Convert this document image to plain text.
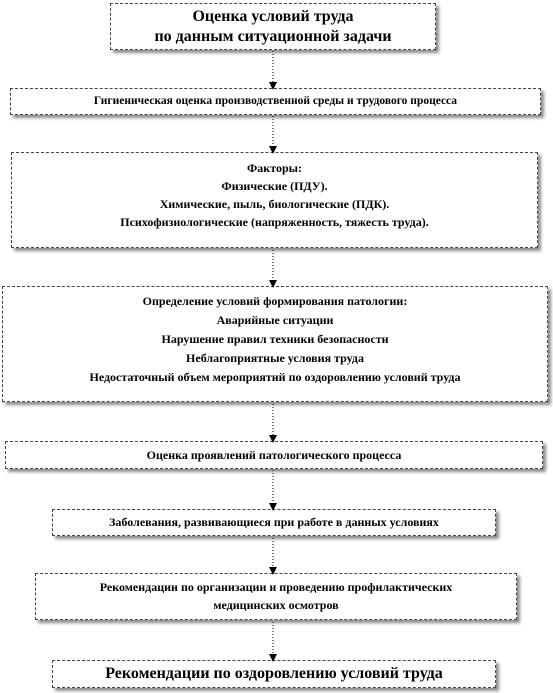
Оценка условий труда
по данным ситуационной задачи
Гигиеническая оценка производственной среды и трудового процесса
Факторы:
Физические (ПДУ).
Химические, пыль, биологические (ПДК).
Психофизиологические (напряженность, тяжесть труда).
Определение условий формирования патологии:
Аварийные ситуации
Нарушение правил техники безопасности
Неблагоприятные условия труда
Недостаточный объем мероприятий по оздоровлению условий труда
Оценка проявлений патологического процесса
Заболевания, развивающиеся при работе в данных условиях
Рекомендации по организации и проведению профилактических
медицинских осмотров
Рекомендации по оздоровлению условий труда
